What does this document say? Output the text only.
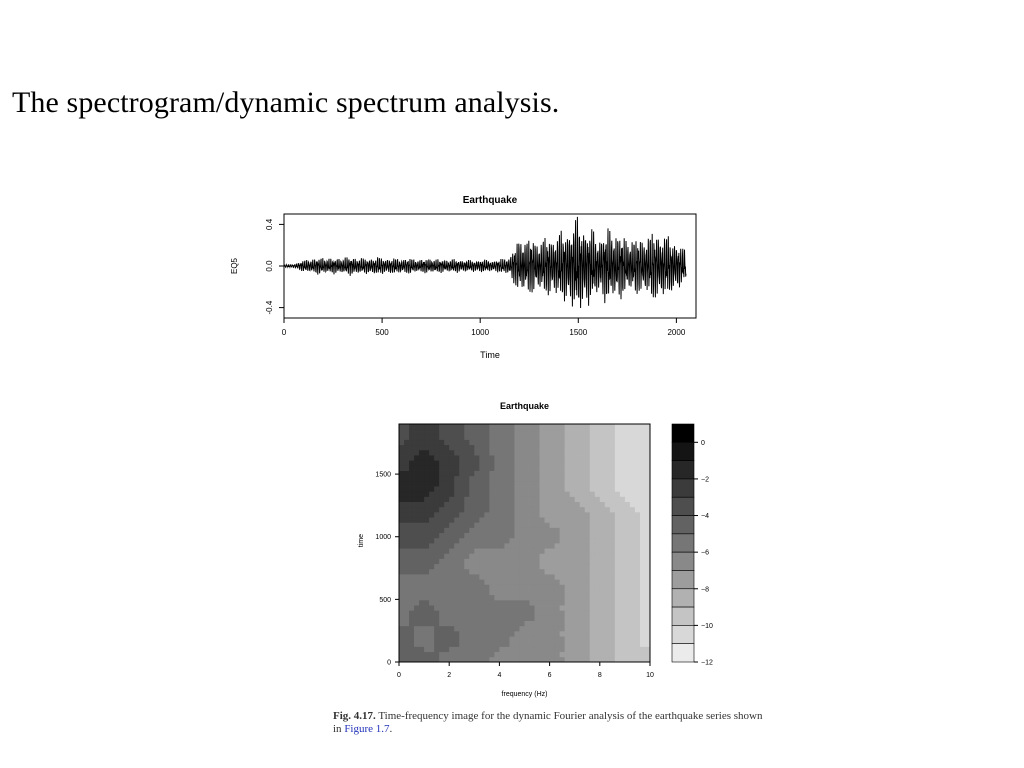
The spectrogram/dynamic spectrum analysis.
Earthquake
0	500	1000	1500	2000
-0.4
0.0
0.4
Time
EQ5
Earthquake
0	2	4	6	8	10
0
500
1000
1500
frequency (Hz)
time
0
−2
−4
−6
−8
−10
−12
Fig. 4.17. Time-frequency image for the dynamic Fourier analysis of the earthquake series shown in Figure 1.7.
